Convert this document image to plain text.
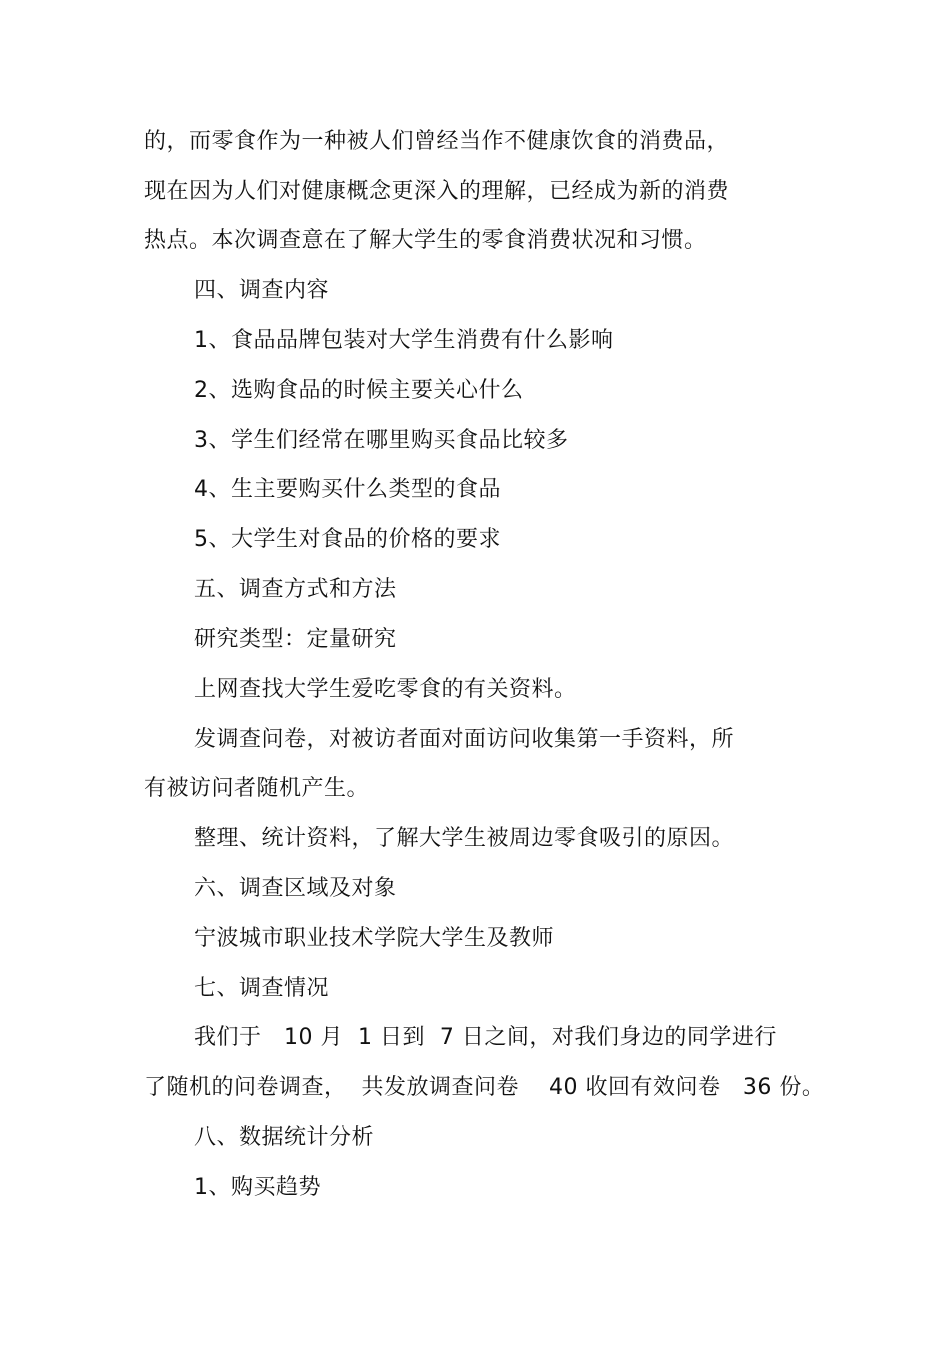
的，而零食作为一种被人们曾经当作不健康饮食的消费品，
现在因为人们对健康概念更深入的理解，已经成为新的消费
热点。本次调查意在了解大学生的零食消费状况和习惯。
四、调查内容
1、食品品牌包装对大学生消费有什么影响
2、选购食品的时候主要关心什么
3、学生们经常在哪里购买食品比较多
4、生主要购买什么类型的食品
5、大学生对食品的价格的要求
五、调查方式和方法
研究类型：定量研究
上网查找大学生爱吃零食的有关资料。
发调查问卷，对被访者面对面访问收集第一手资料，所
有被访问者随机产生。
整理、统计资料，了解大学生被周边零食吸引的原因。
六、调查区域及对象
宁波城市职业技术学院大学生及教师
七、调查情况
我们于   10 月  1 日到  7 日之间，对我们身边的同学进行
了随机的问卷调查，  共发放调查问卷    40 收回有效问卷   36 份。
八、数据统计分析
1、购买趋势
